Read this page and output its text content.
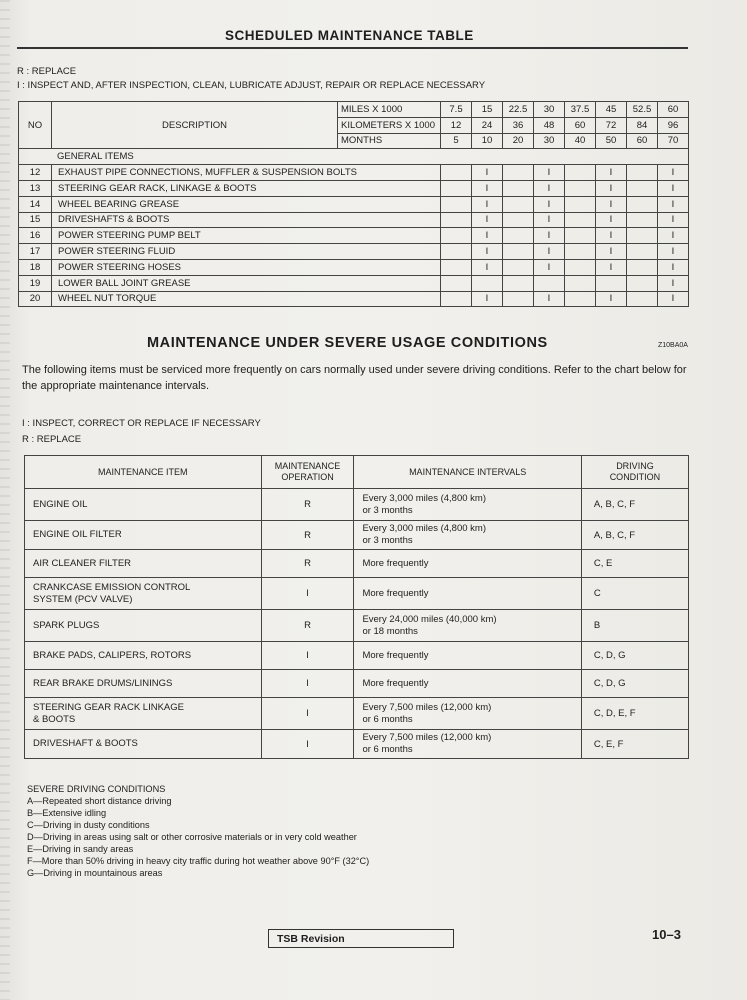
SCHEDULED MAINTENANCE TABLE
R : REPLACE
I : INSPECT AND, AFTER INSPECTION, CLEAN, LUBRICATE ADJUST, REPAIR OR REPLACE NECESSARY
NO	DESCRIPTION	MILES X 1000	7.5	15	22.5	30	37.5	45	52.5	60
		KILOMETERS X 1000	12	24	36	48	60	72	84	96
		MONTHS	5	10	20	30	40	50	60	70
GENERAL ITEMS										
12	EXHAUST PIPE CONNECTIONS, MUFFLER & SUSPENSION BOLTS			I		I		I		I
13	STEERING GEAR RACK, LINKAGE & BOOTS			I		I		I		I
14	WHEEL BEARING GREASE			I		I		I		I
15	DRIVESHAFTS & BOOTS			I		I		I		I
16	POWER STEERING PUMP BELT			I		I		I		I
17	POWER STEERING FLUID			I		I		I		I
18	POWER STEERING HOSES			I		I		I		I
19	LOWER BALL JOINT GREASE									I
20	WHEEL NUT TORQUE			I		I		I		I
MAINTENANCE UNDER SEVERE USAGE CONDITIONS	Z10BA0A
The following items must be serviced more frequently on cars normally used under severe driving conditions. Refer to the chart below for the appropriate maintenance intervals.
I : INSPECT, CORRECT OR REPLACE IF NECESSARY
R : REPLACE
MAINTENANCE ITEM	MAINTENANCE
OPERATION	MAINTENANCE INTERVALS	DRIVING
CONDITION
ENGINE OIL	R	Every 3,000 miles (4,800 km)
or 3 months	A, B, C, F
ENGINE OIL FILTER	R	Every 3,000 miles (4,800 km)
or 3 months	A, B, C, F
AIR CLEANER FILTER	R	More frequently	C, E
CRANKCASE EMISSION CONTROL
SYSTEM (PCV VALVE)	I	More frequently	C
SPARK PLUGS	R	Every 24,000 miles (40,000 km)
or 18 months	B
BRAKE PADS, CALIPERS, ROTORS	I	More frequently	C, D, G
REAR BRAKE DRUMS/LININGS	I	More frequently	C, D, G
STEERING GEAR RACK LINKAGE
& BOOTS	I	Every 7,500 miles (12,000 km)
or 6 months	C, D, E, F
DRIVESHAFT & BOOTS	I	Every 7,500 miles (12,000 km)
or 6 months	C, E, F
SEVERE DRIVING CONDITIONS
A—Repeated short distance driving
B—Extensive idling
C—Driving in dusty conditions
D—Driving in areas using salt or other corrosive materials or in very cold weather
E—Driving in sandy areas
F—More than 50% driving in heavy city traffic during hot weather above 90°F (32°C)
G—Driving in mountainous areas
TSB Revision	10–3
